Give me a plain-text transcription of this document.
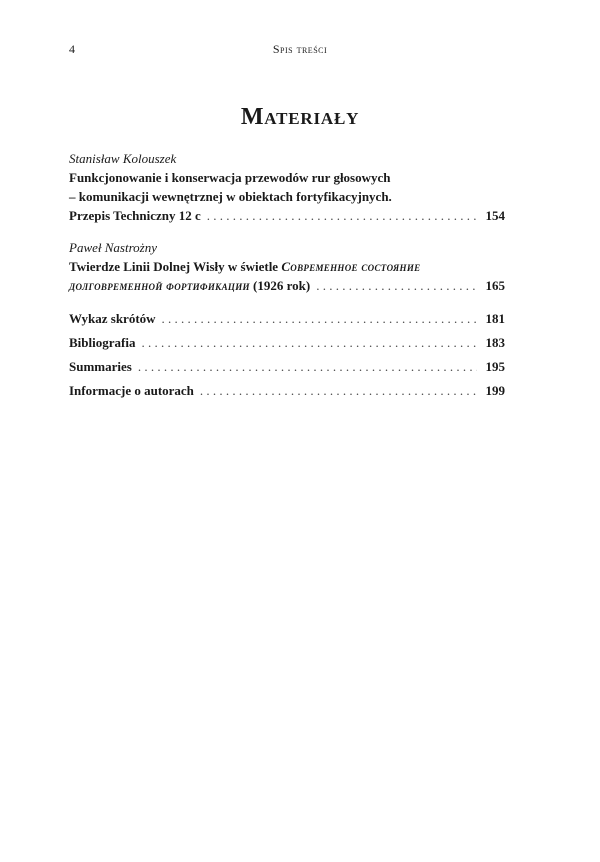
4	Spis treści
Materiały
Stanisław Kolouszek
Funkcjonowanie i konserwacja przewodów rur głosowych
– komunikacji wewnętrznej w obiektach fortyfikacyjnych.
Przepis Techniczny 12 c . . .	154
Paweł Nastrożny
Twierdze Linii Dolnej Wisły w świetle Современное состояние
долговременной фортификации (1926 rok) . . .	165
Wykaz skrótów . . .	181
Bibliografia . . .	183
Summaries . . .	195
Informacje o autorach . . .	199
